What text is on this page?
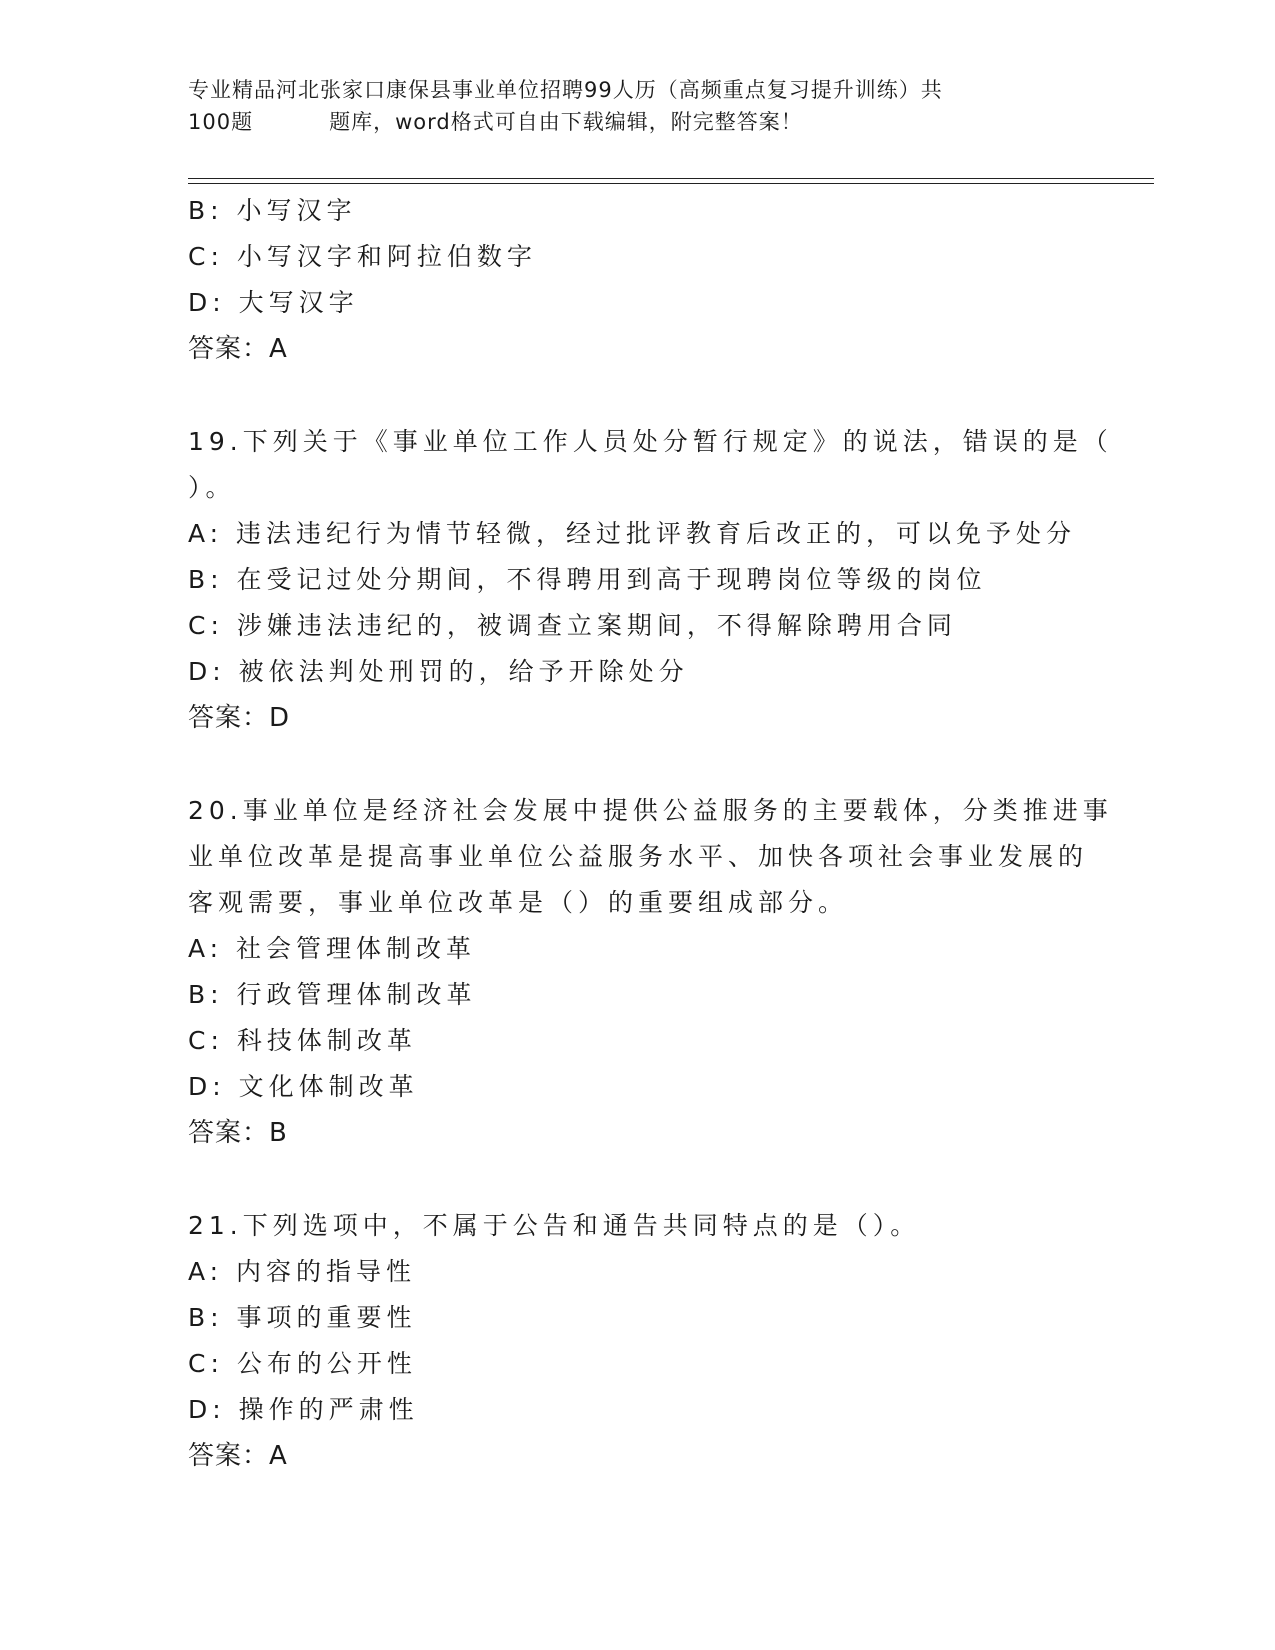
专业精品河北张家口康保县事业单位招聘99人历（高频重点复习提升训练）共
100题	题库，word格式可自由下载编辑，附完整答案！
B: 小写汉字
C: 小写汉字和阿拉伯数字
D: 大写汉字
答案：A
19.下列关于《事业单位工作人员处分暂行规定》的说法，错误的是（
）。
A: 违法违纪行为情节轻微，经过批评教育后改正的，可以免予处分
B: 在受记过处分期间，不得聘用到高于现聘岗位等级的岗位
C: 涉嫌违法违纪的，被调查立案期间，不得解除聘用合同
D: 被依法判处刑罚的，给予开除处分
答案：D
20.事业单位是经济社会发展中提供公益服务的主要载体，分类推进事
业单位改革是提高事业单位公益服务水平、加快各项社会事业发展的
客观需要，事业单位改革是（）的重要组成部分。
A: 社会管理体制改革
B: 行政管理体制改革
C: 科技体制改革
D: 文化体制改革
答案：B
21.下列选项中，不属于公告和通告共同特点的是（）。
A: 内容的指导性
B: 事项的重要性
C: 公布的公开性
D: 操作的严肃性
答案：A
